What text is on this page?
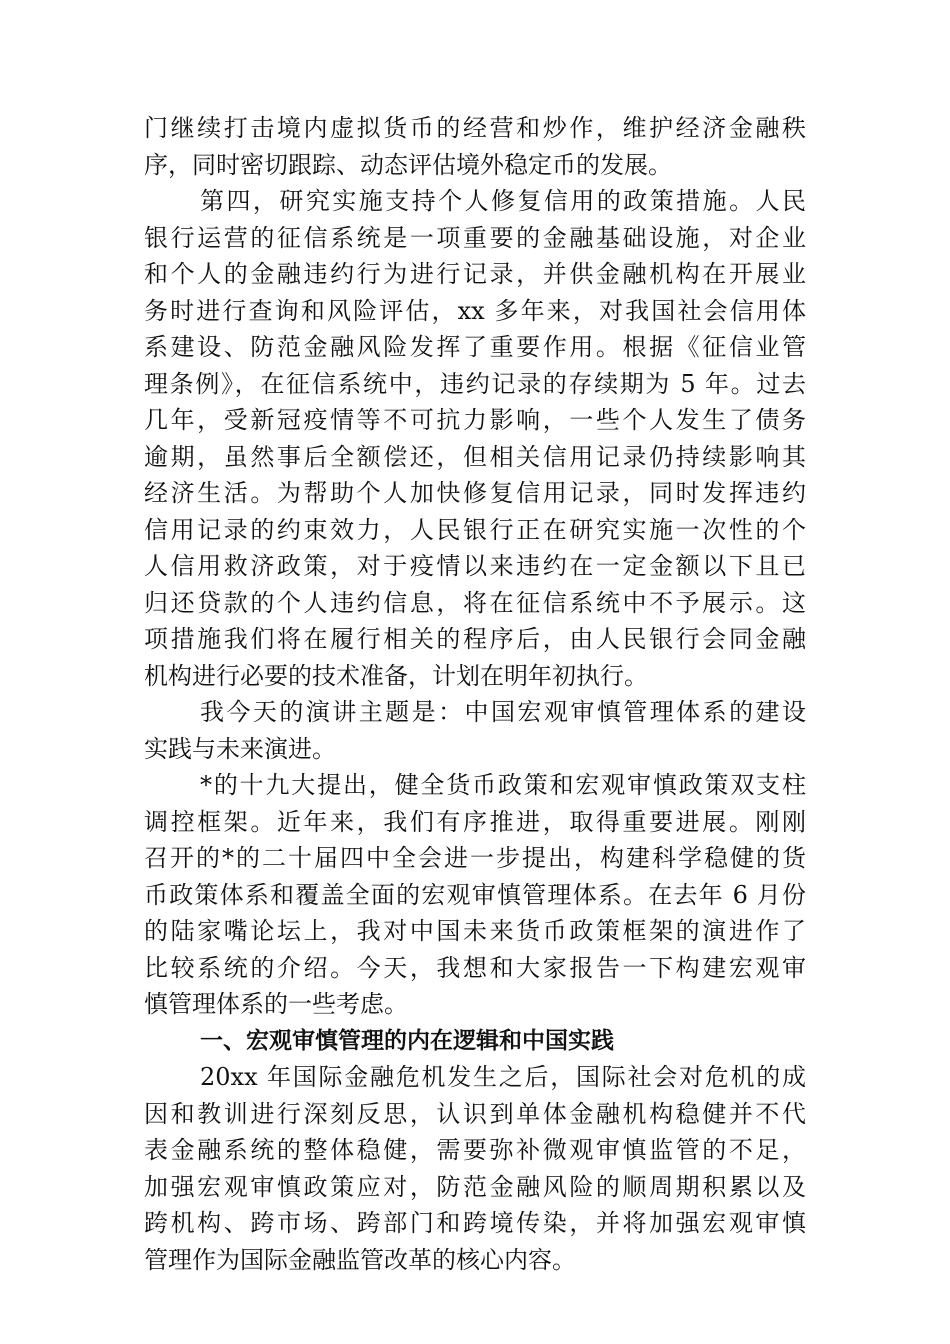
门继续打击境内虚拟货币的经营和炒作，维护经济金融秩
序，同时密切跟踪、动态评估境外稳定币的发展。
第四，研究实施支持个人修复信用的政策措施。人民
银行运营的征信系统是一项重要的金融基础设施，对企业
和个人的金融违约行为进行记录，并供金融机构在开展业
务时进行查询和风险评估，xx 多年来，对我国社会信用体
系建设、防范金融风险发挥了重要作用。根据《征信业管
理条例》，在征信系统中，违约记录的存续期为 5 年。过去
几年，受新冠疫情等不可抗力影响，一些个人发生了债务
逾期，虽然事后全额偿还，但相关信用记录仍持续影响其
经济生活。为帮助个人加快修复信用记录，同时发挥违约
信用记录的约束效力，人民银行正在研究实施一次性的个
人信用救济政策，对于疫情以来违约在一定金额以下且已
归还贷款的个人违约信息，将在征信系统中不予展示。这
项措施我们将在履行相关的程序后，由人民银行会同金融
机构进行必要的技术准备，计划在明年初执行。
我今天的演讲主题是：中国宏观审慎管理体系的建设
实践与未来演进。
*的十九大提出，健全货币政策和宏观审慎政策双支柱
调控框架。近年来，我们有序推进，取得重要进展。刚刚
召开的*的二十届四中全会进一步提出，构建科学稳健的货
币政策体系和覆盖全面的宏观审慎管理体系。在去年 6 月份
的陆家嘴论坛上，我对中国未来货币政策框架的演进作了
比较系统的介绍。今天，我想和大家报告一下构建宏观审
慎管理体系的一些考虑。
一、宏观审慎管理的内在逻辑和中国实践
20xx 年国际金融危机发生之后，国际社会对危机的成
因和教训进行深刻反思，认识到单体金融机构稳健并不代
表金融系统的整体稳健，需要弥补微观审慎监管的不足，
加强宏观审慎政策应对，防范金融风险的顺周期积累以及
跨机构、跨市场、跨部门和跨境传染，并将加强宏观审慎
管理作为国际金融监管改革的核心内容。
